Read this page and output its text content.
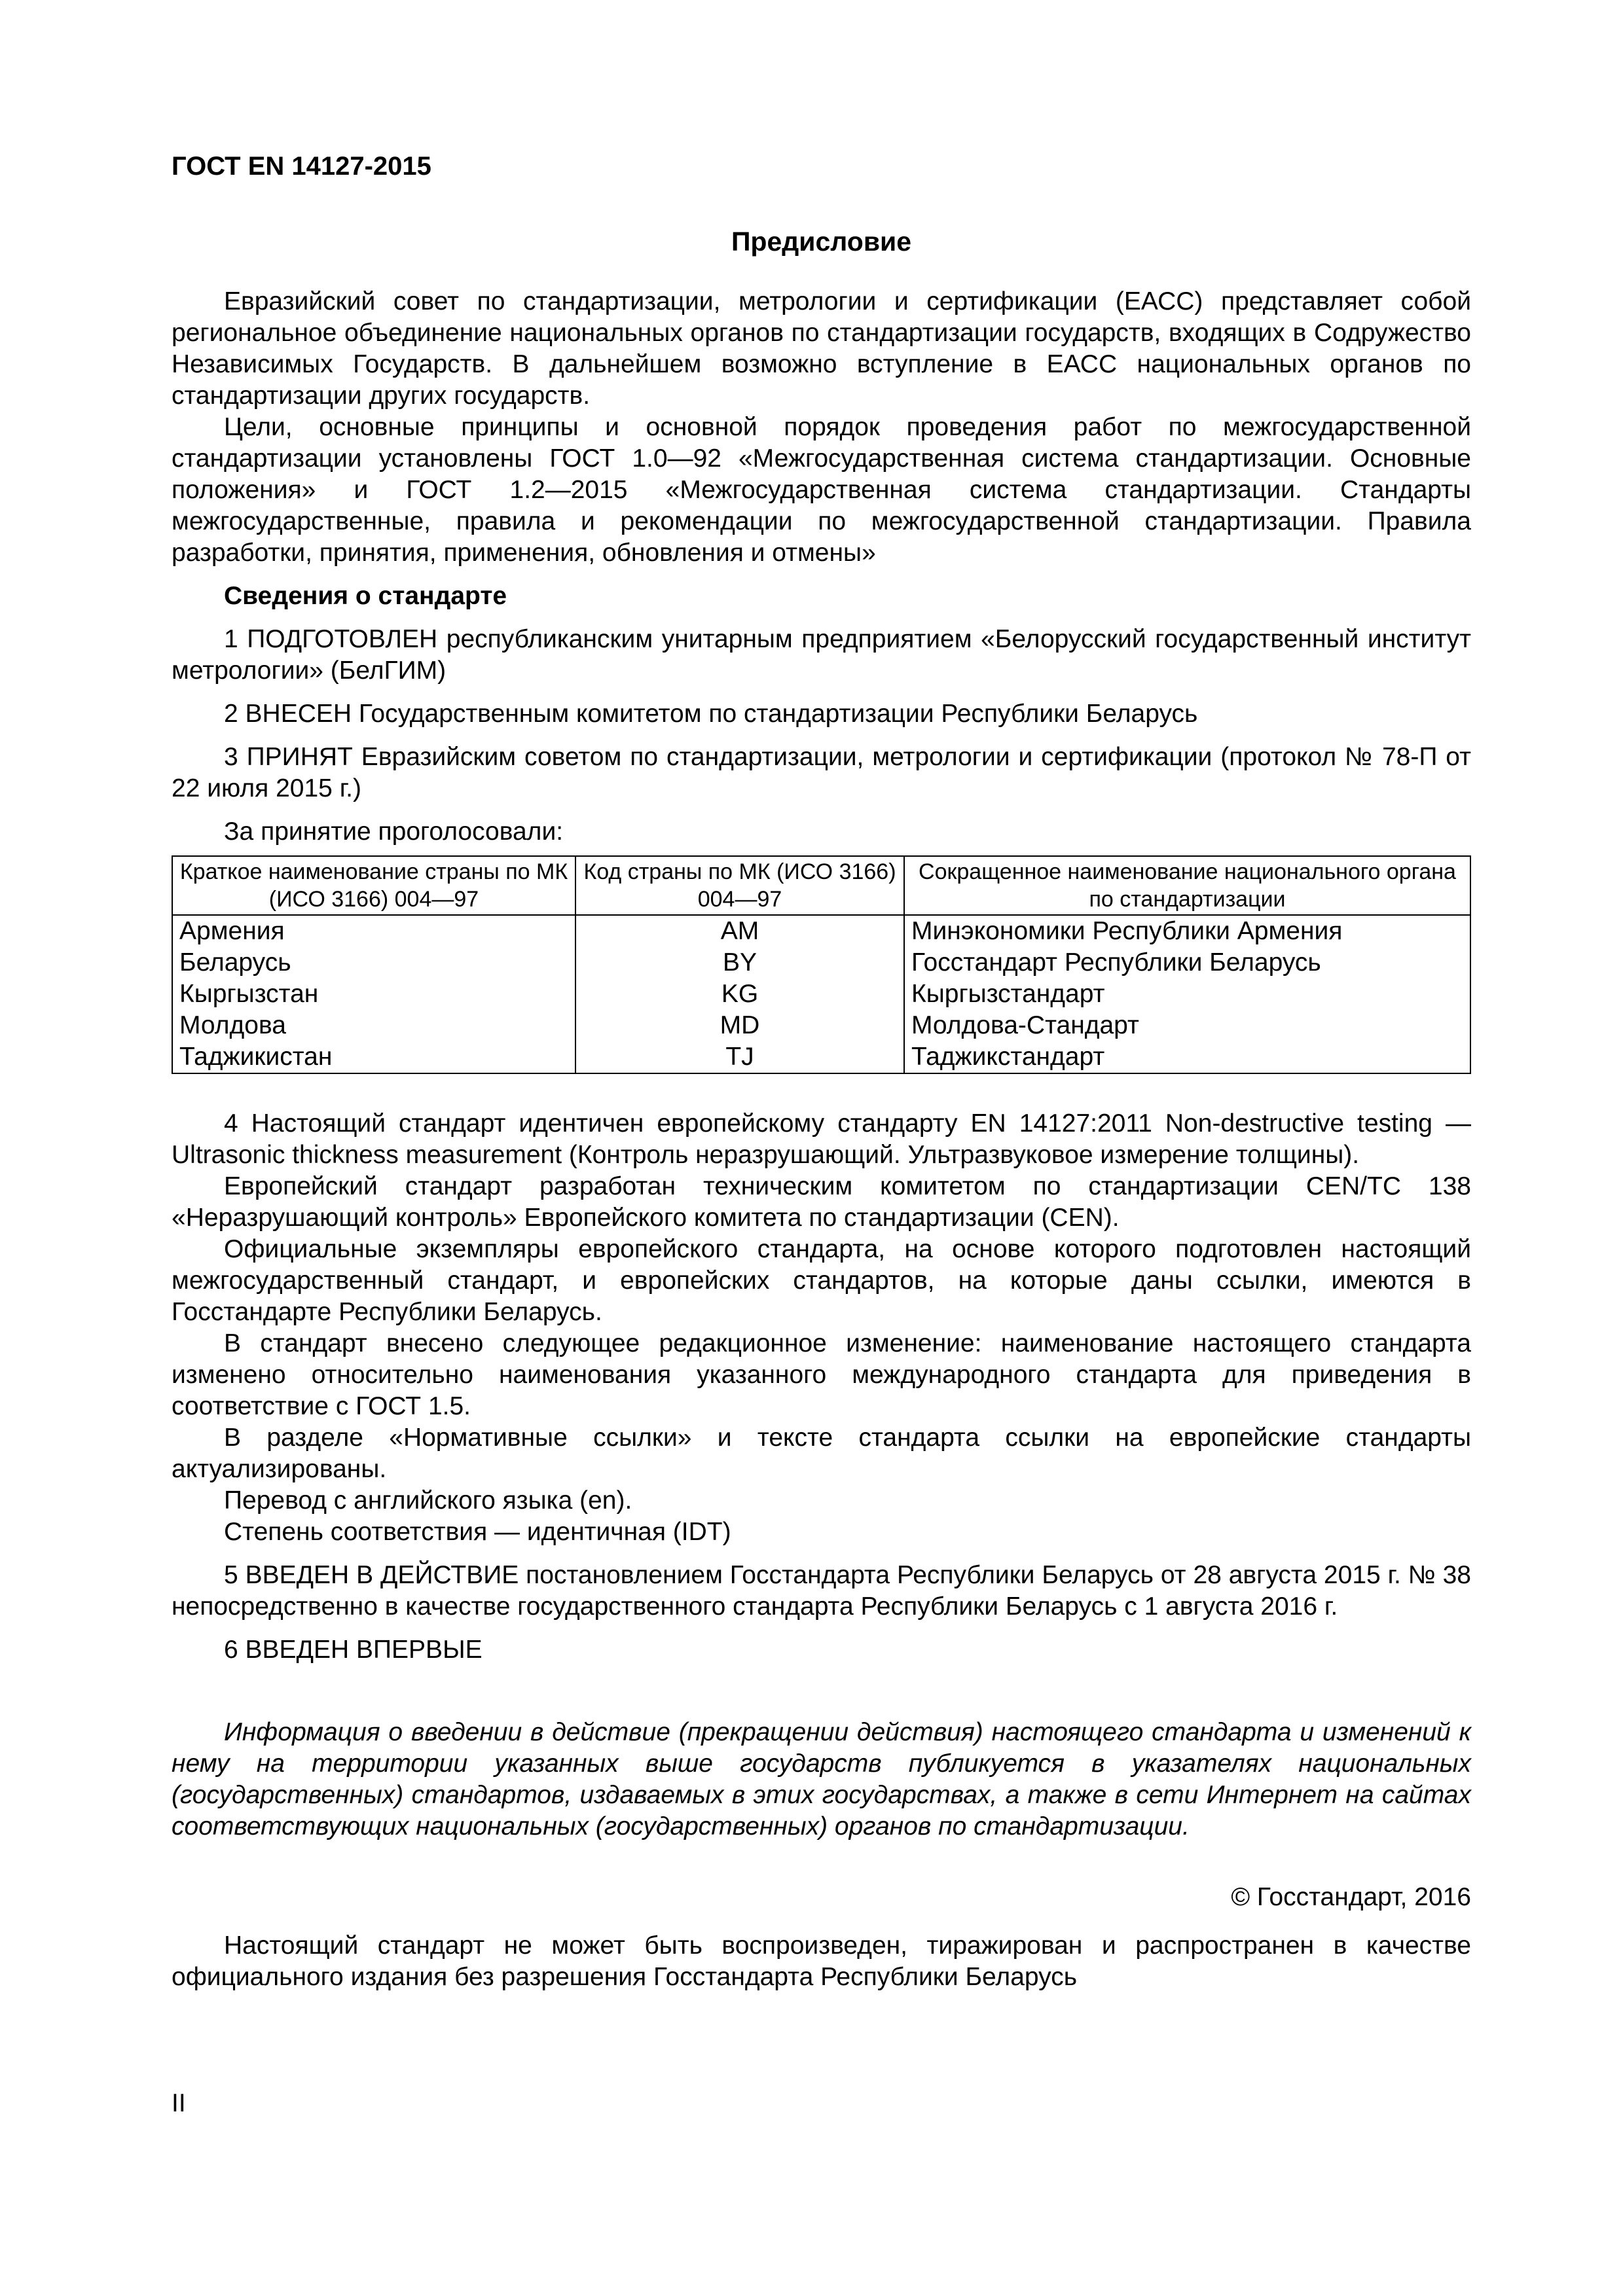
ГОСТ EN 14127-2015
Предисловие

Евразийский совет по стандартизации, метрологии и сертификации (ЕАСС) представляет собой региональное объединение национальных органов по стандартизации государств, входящих в Содружество Независимых Государств. В дальнейшем возможно вступление в ЕАСС национальных органов по стандартизации других государств.

Цели, основные принципы и основной порядок проведения работ по межгосударственной стандартизации установлены ГОСТ 1.0—92 «Межгосударственная система стандартизации. Основные положения» и ГОСТ 1.2—2015 «Межгосударственная система стандартизации. Стандарты межгосударственные, правила и рекомендации по межгосударственной стандартизации. Правила разработки, принятия, применения, обновления и отмены»

Сведения о стандарте

1 ПОДГОТОВЛЕН республиканским унитарным предприятием «Белорусский государственный институт метрологии» (БелГИМ)

2 ВНЕСЕН Государственным комитетом по стандартизации Республики Беларусь

3 ПРИНЯТ Евразийским советом по стандартизации, метрологии и сертификации (протокол № 78-П от 22 июля 2015 г.)

За принятие проголосовали:

Краткое наименование страны по МК (ИСО 3166) 004—97	Код страны по МК (ИСО 3166) 004—97	Сокращенное наименование национального органа по стандартизации
Армения	AM	Минэкономики Республики Армения
Беларусь	BY	Госстандарт Республики Беларусь
Кыргызстан	KG	Кыргызстандарт
Молдова	MD	Молдова-Стандарт
Таджикистан	TJ	Таджикстандарт

4 Настоящий стандарт идентичен европейскому стандарту EN 14127:2011 Non-destructive testing — Ultrasonic thickness measurement (Контроль неразрушающий. Ультразвуковое измерение толщины).

Европейский стандарт разработан техническим комитетом по стандартизации CEN/TC 138 «Неразрушающий контроль» Европейского комитета по стандартизации (CEN).

Официальные экземпляры европейского стандарта, на основе которого подготовлен настоящий межгосударственный стандарт, и европейских стандартов, на которые даны ссылки, имеются в Госстандарте Республики Беларусь.

В стандарт внесено следующее редакционное изменение: наименование настоящего стандарта изменено относительно наименования указанного международного стандарта для приведения в соответствие с ГОСТ 1.5.

В разделе «Нормативные ссылки» и тексте стандарта ссылки на европейские стандарты актуализированы.

Перевод с английского языка (en).

Степень соответствия — идентичная (IDT)

5 ВВЕДЕН В ДЕЙСТВИЕ постановлением Госстандарта Республики Беларусь от 28 августа 2015 г. № 38 непосредственно в качестве государственного стандарта Республики Беларусь с 1 августа 2016 г.

6 ВВЕДЕН ВПЕРВЫЕ

Информация о введении в действие (прекращении действия) настоящего стандарта и изменений к нему на территории указанных выше государств публикуется в указателях национальных (государственных) стандартов, издаваемых в этих государствах, а также в сети Интернет на сайтах соответствующих национальных (государственных) органов по стандартизации.

© Госстандарт, 2016

Настоящий стандарт не может быть воспроизведен, тиражирован и распространен в качестве официального издания без разрешения Госстандарта Республики Беларусь

II
